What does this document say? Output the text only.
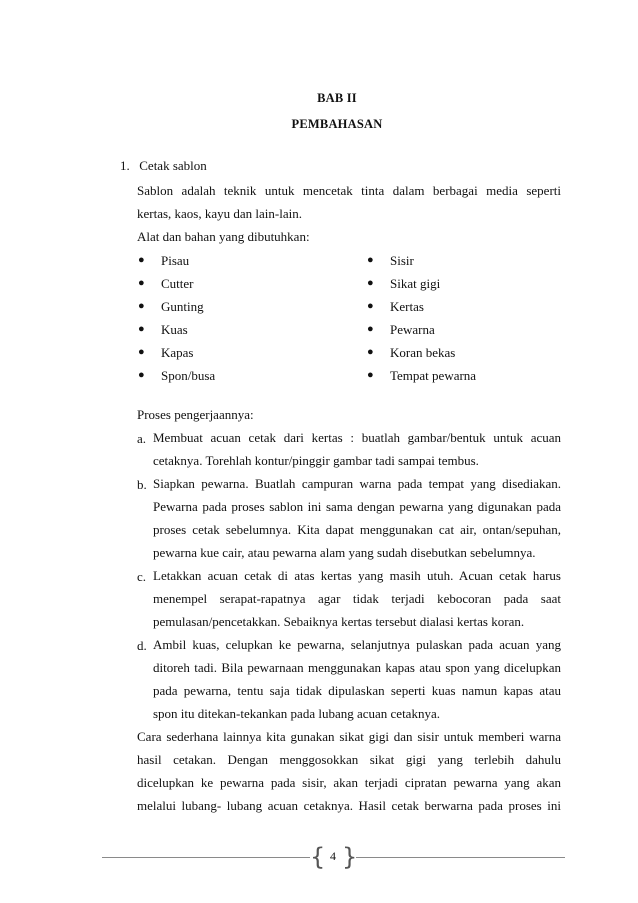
BAB II
PEMBAHASAN
1. Cetak sablon
Sablon adalah teknik untuk mencetak tinta dalam berbagai media seperti
kertas, kaos, kayu dan lain-lain.
Alat dan bahan yang dibutuhkan:
● Pisau
● Cutter
● Gunting
● Kuas
● Kapas
● Spon/busa
● Sisir
● Sikat gigi
● Kertas
● Pewarna
● Koran bekas
● Tempat pewarna
Proses pengerjaannya:
a. Membuat acuan cetak dari kertas : buatlah gambar/bentuk untuk acuan
cetaknya. Torehlah kontur/pinggir gambar tadi sampai tembus.
b. Siapkan pewarna. Buatlah campuran warna pada tempat yang disediakan.
Pewarna pada proses sablon ini sama dengan pewarna yang digunakan pada
proses cetak sebelumnya. Kita dapat menggunakan cat air, ontan/sepuhan,
pewarna kue cair, atau pewarna alam yang sudah disebutkan sebelumnya.
c. Letakkan acuan cetak di atas kertas yang masih utuh. Acuan cetak harus
menempel serapat-rapatnya agar tidak terjadi kebocoran pada saat
pemulasan/pencetakkan. Sebaiknya kertas tersebut dialasi kertas koran.
d. Ambil kuas, celupkan ke pewarna, selanjutnya pulaskan pada acuan yang
ditoreh tadi. Bila pewarnaan menggunakan kapas atau spon yang dicelupkan
pada pewarna, tentu saja tidak dipulaskan seperti kuas namun kapas atau
spon itu ditekan-tekankan pada lubang acuan cetaknya.
Cara sederhana lainnya kita gunakan sikat gigi dan sisir untuk memberi warna
hasil cetakan. Dengan menggosokkan sikat gigi yang terlebih dahulu
dicelupkan ke pewarna pada sisir, akan terjadi cipratan pewarna yang akan
melalui lubang- lubang acuan cetaknya. Hasil cetak berwarna pada proses ini
{ }
4
